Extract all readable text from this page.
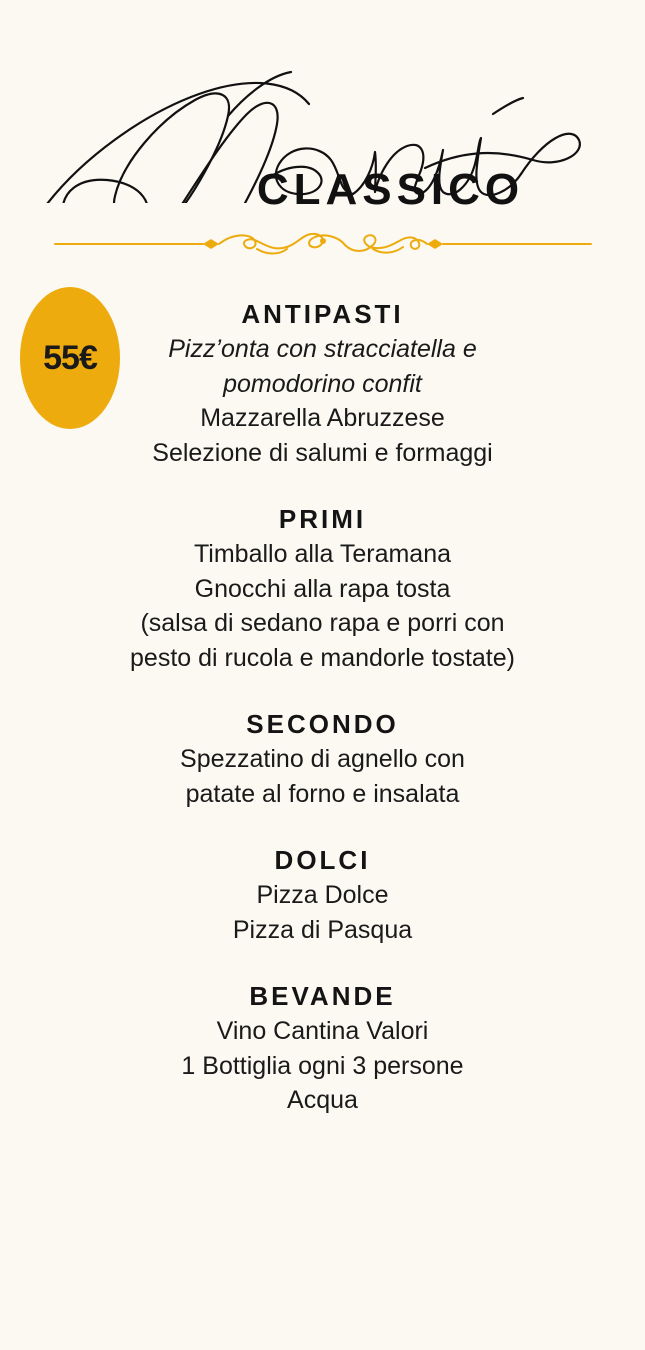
CLASSICO
55€
ANTIPASTI
Pizz’onta con stracciatella e
pomodorino confit
Mazzarella Abruzzese
Selezione di salumi e formaggi
PRIMI
Timballo alla Teramana
Gnocchi alla rapa tosta
(salsa di sedano rapa e porri con
pesto di rucola e mandorle tostate)
SECONDO
Spezzatino di agnello con
patate al forno e insalata
DOLCI
Pizza Dolce
Pizza di Pasqua
BEVANDE
Vino Cantina Valori
1 Bottiglia ogni 3 persone
Acqua
